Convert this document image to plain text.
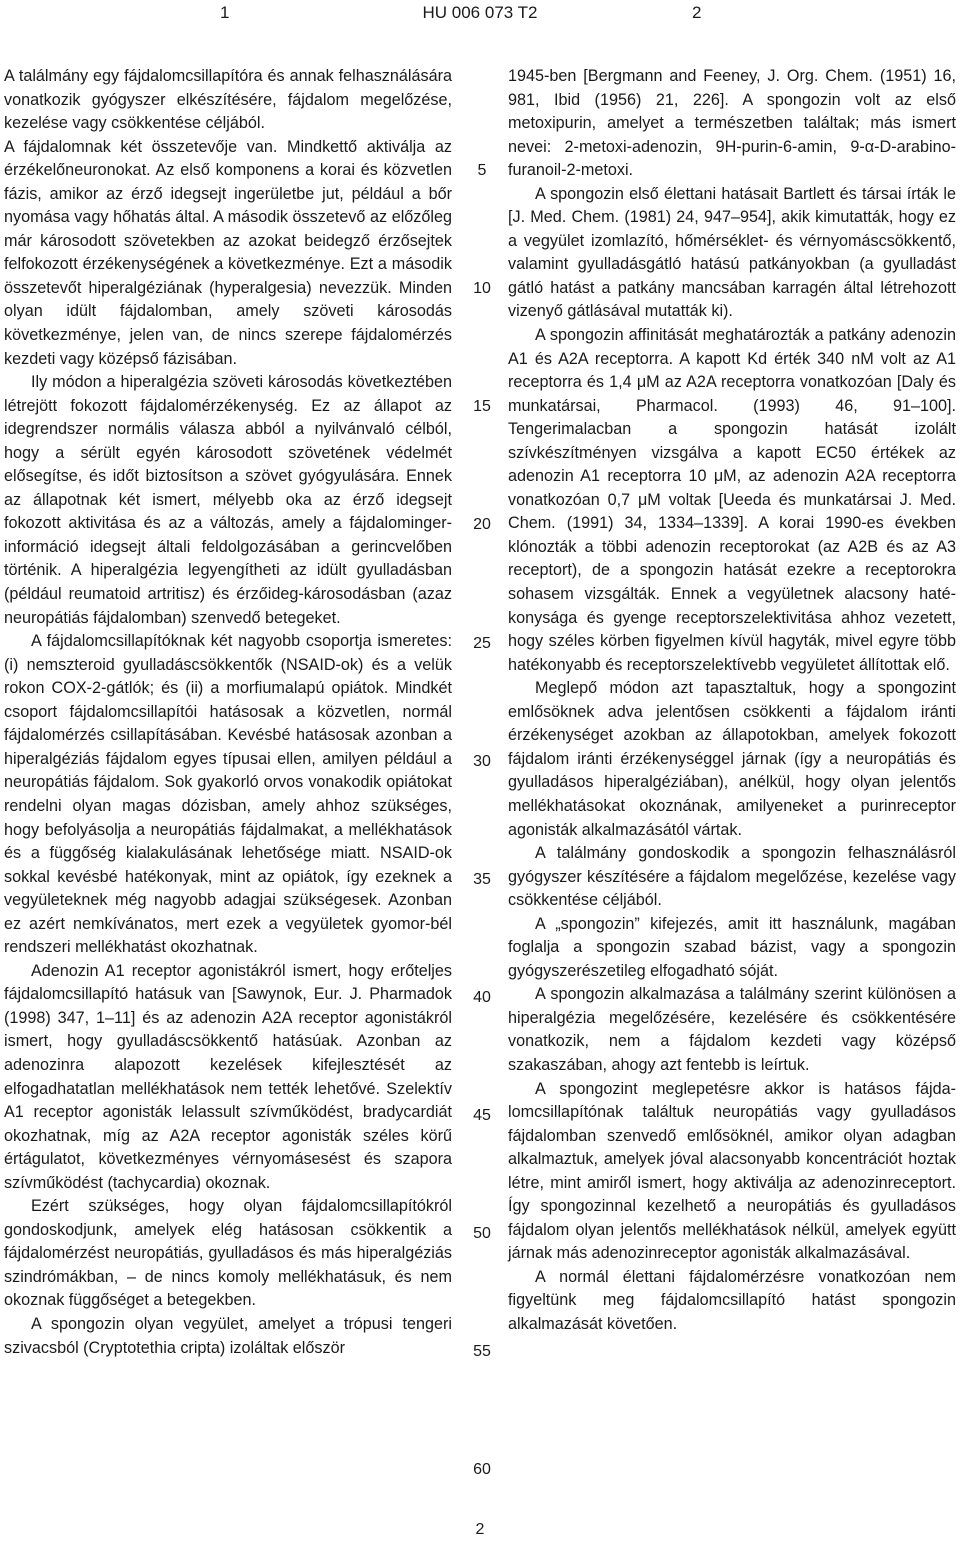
1	HU 006 073 T2	2

A találmány egy fájdalomcsillapítóra és annak felhasználására vonatkozik gyógyszer elkészítésére, fájdalom megelőzése, kezelése vagy csökkentése céljából.

A fájdalomnak két összetevője van. Mindkettő aktiválja az érzékelőneuronokat. Az első komponens a korai és közvetlen fázis, amikor az érző idegsejt ingerületbe jut, például a bőr nyomása vagy hőhatás által. A második összetevő az előzőleg már károsodott szövetekben az azokat beidegző érzősejtek felfokozott érzékenységének a következménye. Ezt a második összetevőt hiperalgéziának (hyperalgesia) nevezzük. Minden olyan idült fájdalomban, amely szöveti károsodás következménye, jelen van, de nincs szerepe fájdalomérzés kezdeti vagy középső fázisában.

Ily módon a hiperalgézia szöveti károsodás következtében létrejött fokozott fájdalomérzékenység. Ez az állapot az idegrendszer normális válasza abból a nyilvánvaló célból, hogy a sérült egyén károsodott szövetének védelmét elősegítse, és időt biztosítson a szövet gyógyulására. Ennek az állapotnak két ismert, mélyebb oka az érző idegsejt fokozott aktivitása és az a változás, amely a fájdalominger-információ idegsejt általi feldolgozásában a gerincvelőben történik. A hiperalgézia legyengítheti az idült gyulladásban (például reumatoid artritisz) és érzőideg-károsodásban (azaz neuropátiás fájdalomban) szenvedő betegeket.

A fájdalomcsillapítóknak két nagyobb csoportja ismeretes: (i) nemszteroid gyulladáscsökkentők (NSAID-ok) és a velük rokon COX-2-gátlók; és (ii) a morfiumalapú opiátok. Mindkét csoport fájdalomcsillapítói hatásosak a közvetlen, normál fájdalomérzés csillapításában. Kevésbé hatásosak azonban a hiperalgéziás fájdalom egyes típusai ellen, amilyen például a neuropátiás fájdalom. Sok gyakorló orvos vonakodik opiátokat rendelni olyan magas dózisban, amely ahhoz szükséges, hogy befolyásolja a neuropátiás fájdalmakat, a mellékhatások és a függőség kialakulásának lehetősége miatt. NSAID-ok sokkal kevésbé hatékonyak, mint az opiátok, így ezeknek a vegyületeknek még nagyobb adagjai szükségesek. Azonban ez azért nemkívánatos, mert ezek a vegyületek gyomor-bél rendszeri mellékhatást okozhatnak.

Adenozin A1 receptor agonistákról ismert, hogy erőteljes fájdalomcsillapító hatásuk van [Sawynok, Eur. J. Pharmadok (1998) 347, 1–11] és az adenozin A2A receptor agonistákról ismert, hogy gyulladáscsökkentő hatásúak. Azonban az adenozinra alapozott kezelések kifejlesztését az elfogadhatatlan mellékhatások nem tették lehetővé. Szelektív A1 receptor agonisták lelassult szívműködést, bradycardiát okozhatnak, míg az A2A receptor agonisták széles körű értágulatot, következményes vérnyomásesést és szapora szívműködést (tachycardia) okoznak.

Ezért szükséges, hogy olyan fájdalomcsillapítókról gondoskodjunk, amelyek elég hatásosan csökkentik a fájdalomérzést neuropátiás, gyulladásos és más hiperalgéziás szindrómákban, – de nincs komoly mellékhatásuk, és nem okoznak függőséget a betegekben.

A spongozin olyan vegyület, amelyet a trópusi tengeri szivacsból (Cryptotethia cripta) izoláltak először

1945-ben [Bergmann and Feeney, J. Org. Chem. (1951) 16, 981, Ibid (1956) 21, 226]. A spongozin volt az első metoxipurin, amelyet a természetben találtak; más ismert nevei: 2-metoxi-adenozin, 9H-purin-6-amin, 9-α-D-arabino-furanoil-2-metoxi.

A spongozin első élettani hatásait Bartlett és társai írták le [J. Med. Chem. (1981) 24, 947–954], akik kimutatták, hogy ez a vegyület izomlazító, hőmérséklet- és vérnyomáscsökkentő, valamint gyulladásgátló hatású patkányokban (a gyulladást gátló hatást a patkány mancsában karragén által létrehozott vizenyő gátlásával mutatták ki).

A spongozin affinitását meghatározták a patkány adenozin A1 és A2A receptorra. A kapott Kd érték 340 nM volt az A1 receptorra és 1,4 μM az A2A receptorra vonatkozóan [Daly és munkatársai, Pharmacol. (1993) 46, 91–100]. Tengerimalacban a spongozin hatását izolált szívkészítményen vizsgálva a kapott EC50 értékek az adenozin A1 receptorra 10 μM, az adenozin A2A receptorra vonatkozóan 0,7 μM voltak [Ueeda és munkatársai J. Med. Chem. (1991) 34, 1334–1339]. A korai 1990-es években klónozták a többi adenozin receptorokat (az A2B és az A3 receptort), de a spongozin hatását ezekre a receptorokra sohasem vizsgálták. Ennek a vegyületnek alacsony hatékonysága és gyenge receptorszelektivitása ahhoz vezetett, hogy széles körben figyelmen kívül hagyták, mivel egyre több hatékonyabb és receptorszelektívebb vegyületet állítottak elő.

Meglepő módon azt tapasztaltuk, hogy a spongozint emlősöknek adva jelentősen csökkenti a fájdalom iránti érzékenységet azokban az állapotokban, amelyek fokozott fájdalom iránti érzékenységgel járnak (így a neuropátiás és gyulladásos hiperalgéziában), anélkül, hogy olyan jelentős mellékhatásokat okoznának, amilyeneket a purinreceptor agonisták alkalmazásától vártak.

A találmány gondoskodik a spongozin felhasználásról gyógyszer készítésére a fájdalom megelőzése, kezelése vagy csökkentése céljából.

A „spongozin” kifejezés, amit itt használunk, magában foglalja a spongozin szabad bázist, vagy a spongozin gyógyszerészetileg elfogadható sóját.

A spongozin alkalmazása a találmány szerint különösen a hiperalgézia megelőzésére, kezelésére és csökkentésére vonatkozik, nem a fájdalom kezdeti vagy középső szakaszában, ahogy azt fentebb is leírtuk.

A spongozint meglepetésre akkor is hatásos fájdalomcsillapítónak találtuk neuropátiás vagy gyulladásos fájdalomban szenvedő emlősöknél, amikor olyan adagban alkalmaztuk, amelyek jóval alacsonyabb koncentrációt hoztak létre, mint amiről ismert, hogy aktiválja az adenozinreceptort. Így spongozinnal kezelhető a neuropátiás és gyulladásos fájdalom olyan jelentős mellékhatások nélkül, amelyek együtt járnak más adenozinreceptor agonisták alkalmazásával.

A normál élettani fájdalomérzésre vonatkozóan nem figyeltünk meg fájdalomcsillapító hatást spongozin alkalmazását követően.

5
10
15
20
25
30
35
40
45
50
55
60
2
